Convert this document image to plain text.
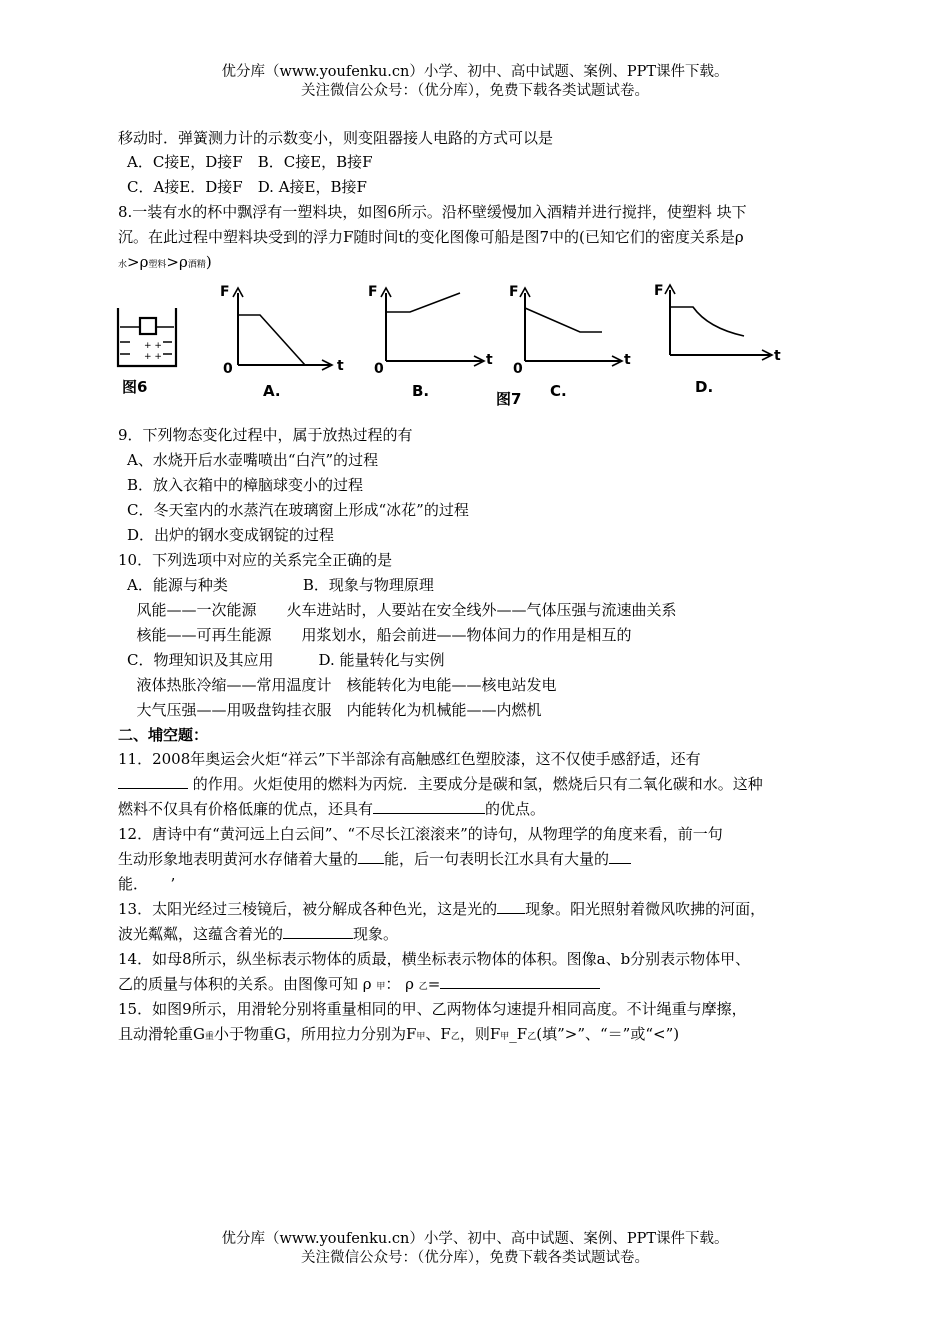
优分库（www.youfenku.cn）小学、初中、高中试题、案例、PPT课件下载。
关注微信公众号：（优分库），免费下载各类试题试卷。
移动时．弹簧测力计的示数变小，则变阻器接人电路的方式可以是
A．C接E，D接F　B．C接E，B接F
C．A接E．D接F　D. A接E，B接F
8.一装有水的杯中飘浮有一塑料块，如图6所示。沿杯壁缓慢加入酒精并进行搅拌，使塑料 块下
沉。在此过程中塑料块受到的浮力F随时间t的变化图像可船是图7中的(已知它们的密度关系是ρ
水>ρ塑料>ρ酒精)
+ +
+ +
图6
F
0	t
A.
F
0
t
B.
F
0
t
图7 C.
F
t
D.
9．下列物态变化过程中，属于放热过程的有
A、水烧开后水壶嘴喷出“白汽”的过程
B．放入衣箱中的樟脑球变小的过程
C．冬天室内的水蒸汽在玻璃窗上形成“冰花”的过程
D．出炉的钢水变成钢锭的过程
10．下列选项中对应的关系完全正确的是
A．能源与种类　　　　　B．现象与物理原理
风能——一次能源　　火车进站时，人要站在安全线外——气体压强与流速曲关系
核能——可再生能源　　用浆划水，船会前进——物体间力的作用是相互的
C．物理知识及其应用　　　D. 能量转化与实例
液体热胀冷缩——常用温度计　核能转化为电能——核电站发电
大气压强——用吸盘钩挂衣服　内能转化为机械能——内燃机
二、埔空题：
11．2008年奥运会火炬“祥云”下半部涂有高触感红色塑胶漆，这不仅使手感舒适，还有
的作用。火炬使用的燃料为丙烷．主要成分是碳和氢，燃烧后只有二氧化碳和水。这种
燃料不仅具有价格低廉的优点，还具有	的优点。
12．唐诗中有“黄河远上白云间”、“不尽长江滚滚来”的诗句，从物理学的角度来看，前一句
生动形象地表明黄河水存储着大量的 能，后一句表明长江水具有大量的
能．　　’
13．太阳光经过三棱镜后，被分解成各种色光，这是光的 现象。阳光照射着微风吹拂的河面，
波光粼粼，这蕴含着光的	现象。
14．如母8所示，纵坐标表示物体的质最，横坐标表示物体的体积。图像a、b分别表示物体甲、
乙的质量与体积的关系。由图像可知 ρ 甲： ρ 乙=
15．如图9所示，用滑轮分别将重量相同的甲、乙两物体匀速提升相同高度。不计绳重与摩擦，
且动滑轮重G重小于物重G，所用拉力分别为F甲、F乙，则F甲_F乙(填”>”、“＝”或“<”)
优分库（www.youfenku.cn）小学、初中、高中试题、案例、PPT课件下载。
关注微信公众号：（优分库），免费下载各类试题试卷。
